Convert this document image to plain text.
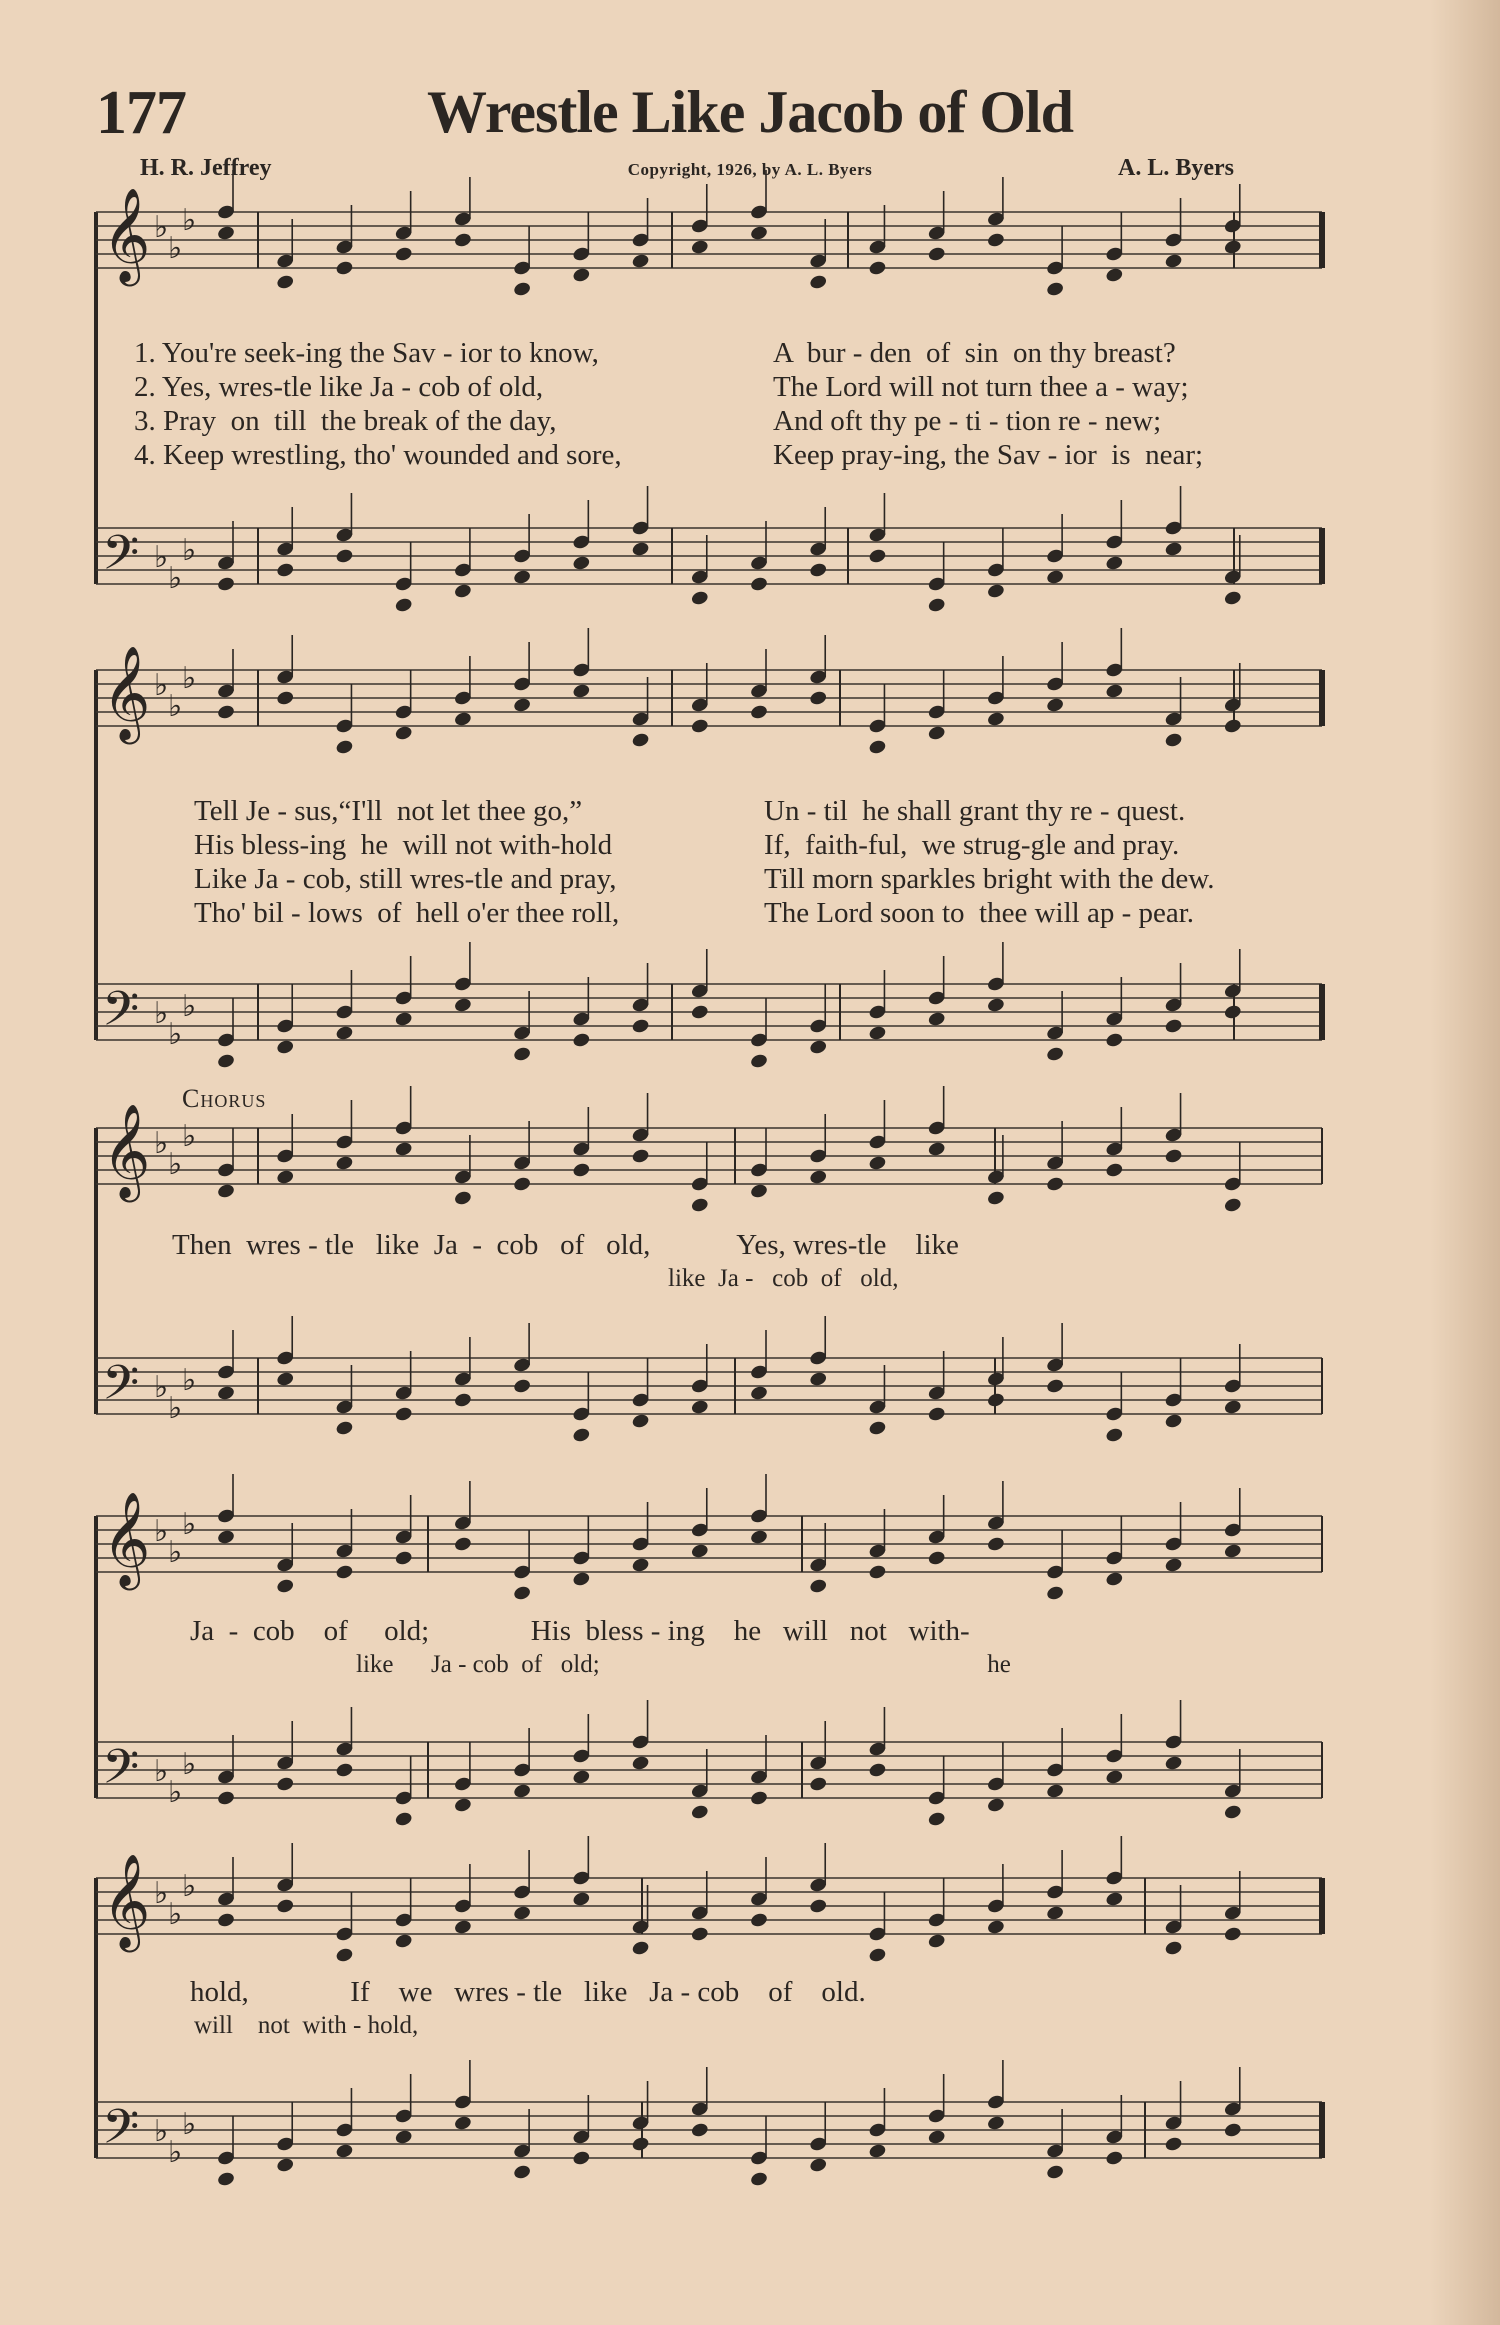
177	Wrestle Like Jacob of Old
H. R. Jeffrey	Copyright, 1926, by A. L. Byers	A. L. Byers
𝄞 ♭
♭
♭
𝄢 ♭
♭
♭
𝄞 ♭
♭
♭
𝄢 ♭
♭
♭
𝄞 ♭
♭
♭
𝄢 ♭
♭
♭
𝄞 ♭
♭
♭
𝄢 ♭
♭
♭
𝄞 ♭
♭
♭
𝄢 ♭
♭
♭
1. You're seek-ing the Sav - ior to know,	A  bur - den  of  sin  on thy breast?
2. Yes, wres-tle like Ja - cob of old,	The Lord will not turn thee a - way;
3. Pray  on  till  the break of the day,	And oft thy pe - ti - tion re - new;
4. Keep wrestling, tho' wounded and sore,	Keep pray-ing, the Sav - ior  is  near;
Tell Je - sus,“I'll  not let thee go,”	Un - til  he shall grant thy re - quest.
His bless-ing  he  will not with-hold	If,  faith-ful,  we strug-gle and pray.
Like Ja - cob, still wres-tle and pray,	Till morn sparkles bright with the dew.
Tho' bil - lows  of  hell o'er thee roll,	The Lord soon to  thee will ap - pear.
Chorus
Then  wres - tle   like  Ja  -  cob   of   old,            Yes, wres-tle    like
like  Ja -   cob  of   old,
Ja  -  cob    of     old;              His  bless - ing    he   will   not   with-
like      Ja - cob  of   old;                                                              he
hold,              If    we   wres - tle   like   Ja - cob    of    old.
will    not  with - hold,
